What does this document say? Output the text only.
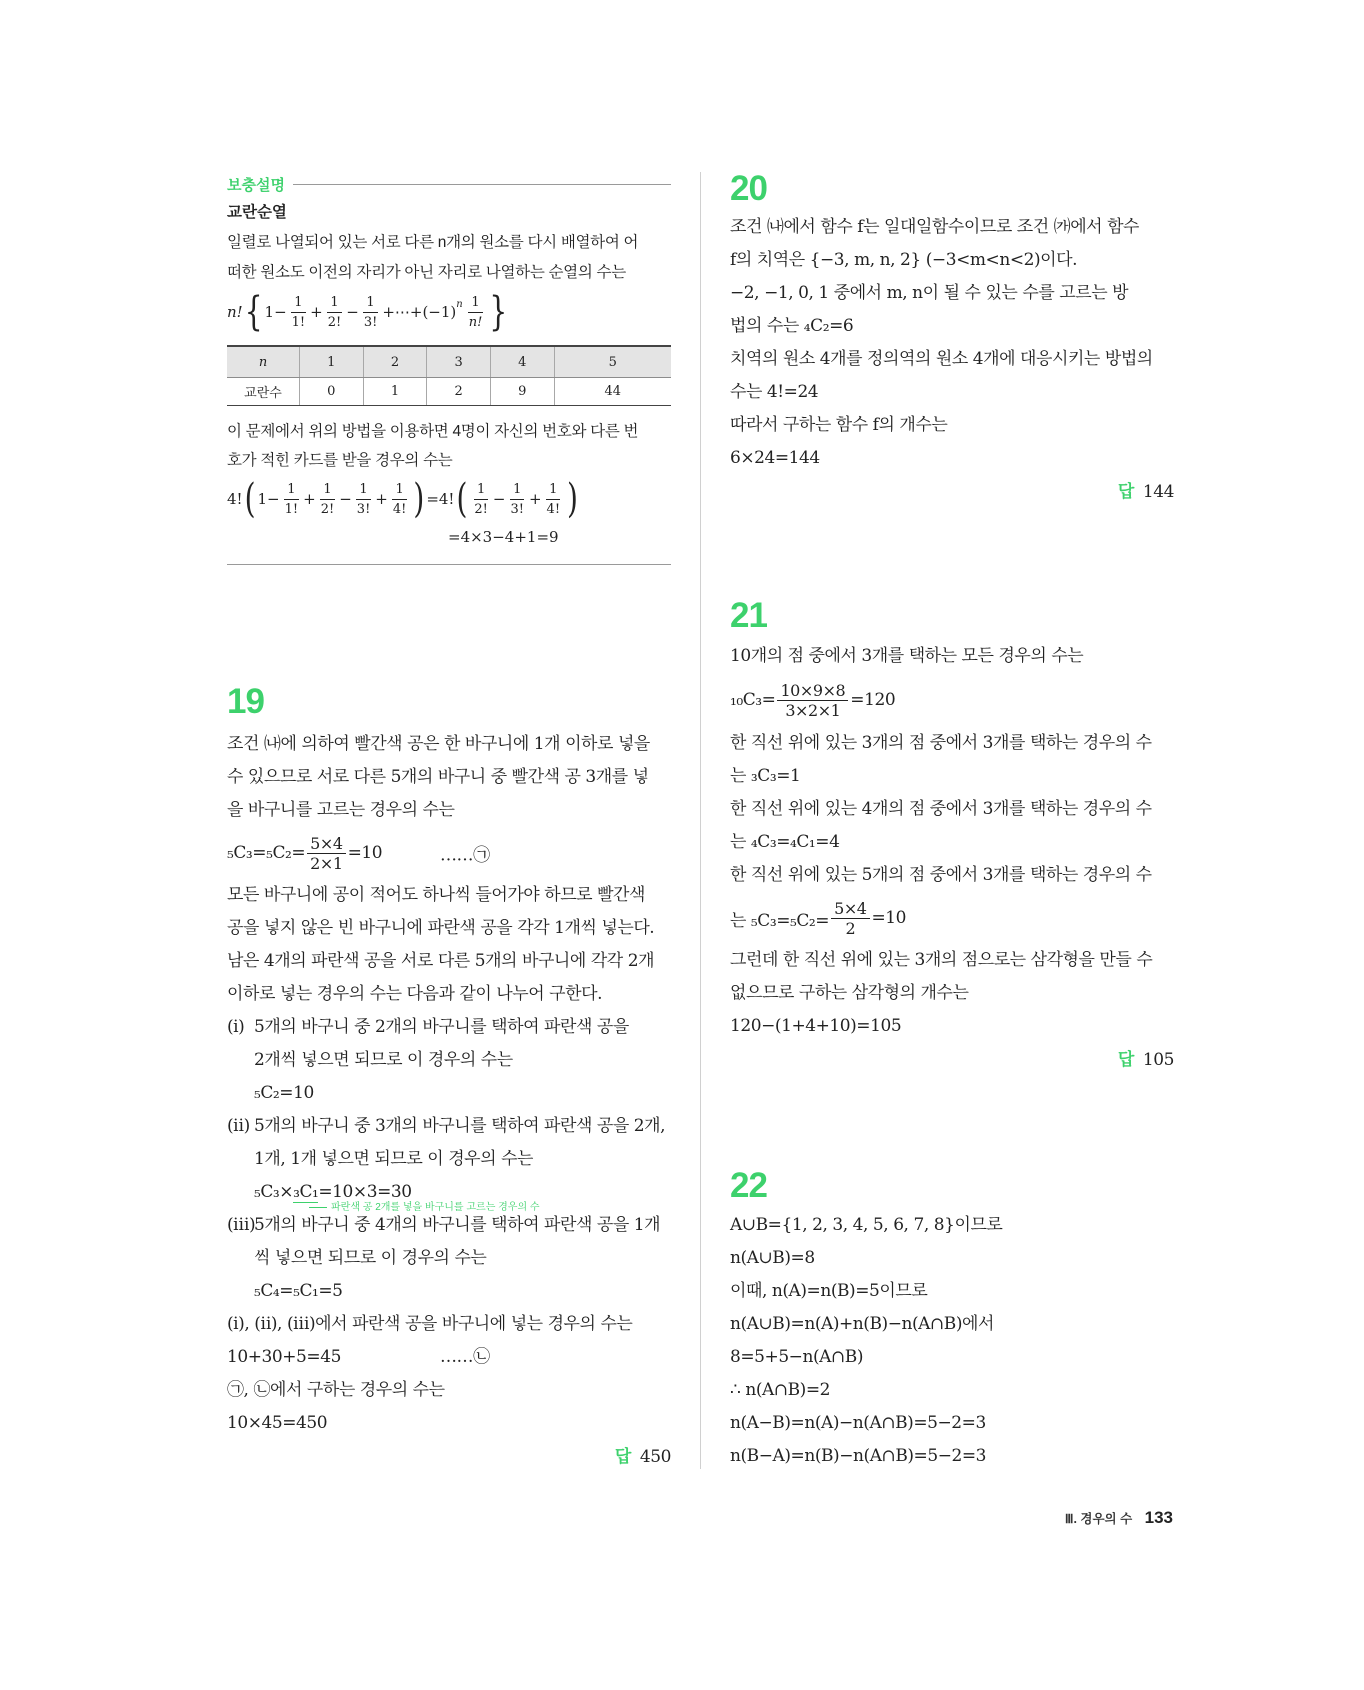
보충설명
교란순열
일렬로 나열되어 있는 서로 다른 n개의 원소를 다시 배열하여 어
떠한 원소도 이전의 자리가 아닌 자리로 나열하는 순열의 수는
n! { $1- \frac{1}{1!} + \frac{1}{2!} - \frac{1}{3!}$ +⋯+(−1) n $\frac{1}{n!}$ }
n	1	2	3	4	5
교란수	0	1	2	9	44
이 문제에서 위의 방법을 이용하면 4명이 자신의 번호와 다른 번
호가 적힌 카드를 받을 경우의 수는
4! ( $1- \frac{1}{1!} + \frac{1}{2!} - \frac{1}{3!} + \frac{1}{4!}$ ) =4! ( $\frac{1}{2!} - \frac{1}{3!} + \frac{1}{4!}$ )
=4×3−4+1=9
19
조건 ㈏에 의하여 빨간색 공은 한 바구니에 1개 이하로 넣을
수 있으므로 서로 다른 5개의 바구니 중 빨간색 공 3개를 넣
을 바구니를 고르는 경우의 수는
$_5C_3=_5C_2= \frac{5\times 4}{2\times 1} =10$	……㉠
모든 바구니에 공이 적어도 하나씩 들어가야 하므로 빨간색
공을 넣지 않은 빈 바구니에 파란색 공을 각각 1개씩 넣는다.
남은 4개의 파란색 공을 서로 다른 5개의 바구니에 각각 2개
이하로 넣는 경우의 수는 다음과 같이 나누어 구한다.
(ⅰ) 5개의 바구니 중 2개의 바구니를 택하여 파란색 공을
2개씩 넣으면 되므로 이 경우의 수는
₅C₂=10
(ⅱ) 5개의 바구니 중 3개의 바구니를 택하여 파란색 공을 2개,
1개, 1개 넣으면 되므로 이 경우의 수는
₅C₃×₃C₁=10×3=30
파란색 공 2개를 넣을 바구니를 고르는 경우의 수
(ⅲ)5개의 바구니 중 4개의 바구니를 택하여 파란색 공을 1개
씩 넣으면 되므로 이 경우의 수는
₅C₄=₅C₁=5
(ⅰ), (ⅱ), (ⅲ)에서 파란색 공을 바구니에 넣는 경우의 수는
10+30+5=45	……㉡
㉠, ㉡에서 구하는 경우의 수는
10×45=450
답 450
20
조건 ㈏에서 함수 f는 일대일함수이므로 조건 ㈎에서 함수
f의 치역은 {−3, m, n, 2} (−3<m<n<2)이다.
−2, −1, 0, 1 중에서 m, n이 될 수 있는 수를 고르는 방
법의 수는 ₄C₂=6
치역의 원소 4개를 정의역의 원소 4개에 대응시키는 방법의
수는 4!=24
따라서 구하는 함수 f의 개수는
6×24=144
답 144
21
10개의 점 중에서 3개를 택하는 모든 경우의 수는
$_{10}C_3= \frac{10\times 9\times 8}{3\times 2\times 1} =120$
한 직선 위에 있는 3개의 점 중에서 3개를 택하는 경우의 수
는 ₃C₃=1
한 직선 위에 있는 4개의 점 중에서 3개를 택하는 경우의 수
는 ₄C₃=₄C₁=4
한 직선 위에 있는 5개의 점 중에서 3개를 택하는 경우의 수
는 $_5C_3=_5C_2= \frac{5\times 4}{2} =10$
그런데 한 직선 위에 있는 3개의 점으로는 삼각형을 만들 수
없으므로 구하는 삼각형의 개수는
120−(1+4+10)=105
답 105
22
A∪B={1, 2, 3, 4, 5, 6, 7, 8}이므로
n(A∪B)=8
이때, n(A)=n(B)=5이므로
n(A∪B)=n(A)+n(B)−n(A∩B)에서
8=5+5−n(A∩B)
∴ n(A∩B)=2
n(A−B)=n(A)−n(A∩B)=5−2=3
n(B−A)=n(B)−n(A∩B)=5−2=3
Ⅲ. 경우의 수 133
